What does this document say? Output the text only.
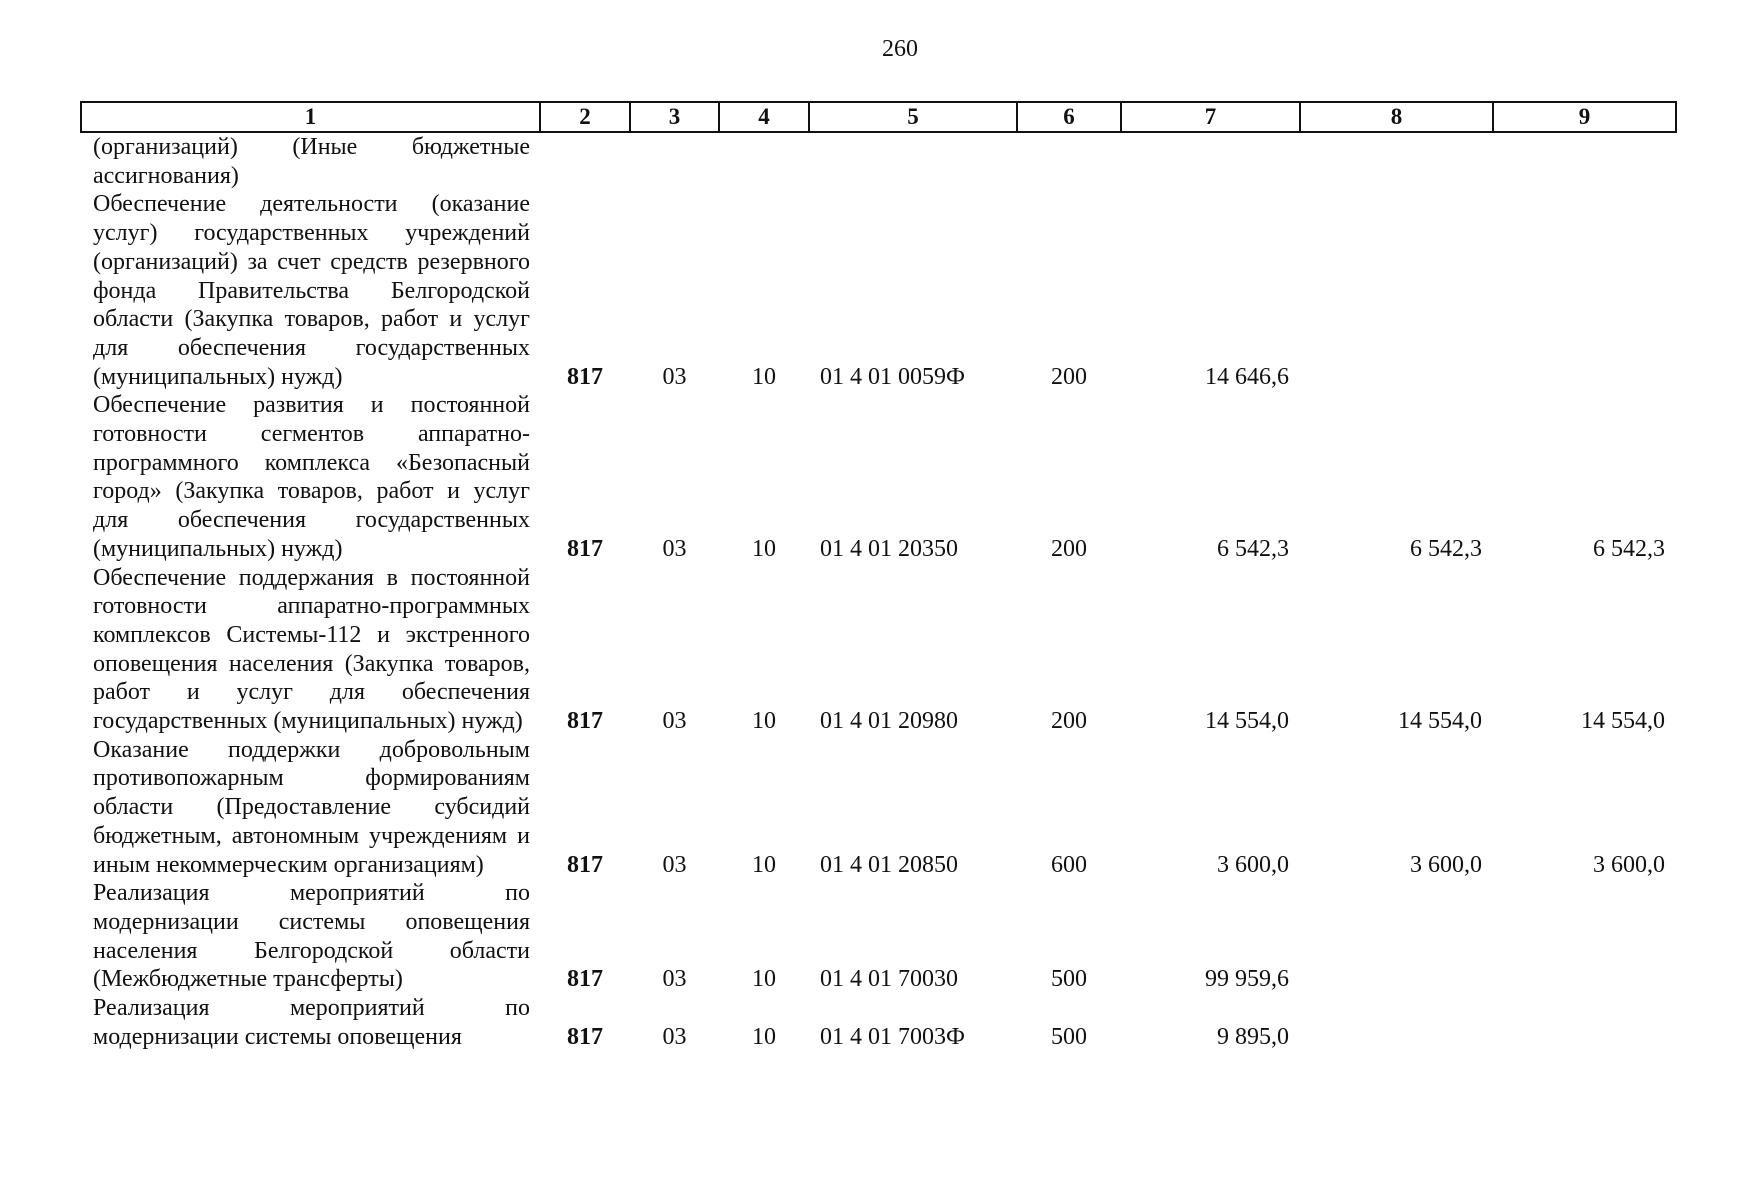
260
1	2	3	4	5	6	7	8	9
(организаций) (Иные бюджетные ассигнования)								
Обеспечение деятельности (оказание услуг) государственных учреждений (организаций) за счет средств резервного фонда Правительства Белгородской области (Закупка товаров, работ и услуг для обеспечения государственных (муниципальных) нужд)	817	03	10	01 4 01 0059Ф	200	14 646,6		
Обеспечение развития и постоянной готовности сегментов аппаратно-программного комплекса «Безопасный город» (Закупка товаров, работ и услуг для обеспечения государственных (муниципальных) нужд)	817	03	10	01 4 01 20350	200	6 542,3	6 542,3	6 542,3
Обеспечение поддержания в постоянной готовности аппаратно-программных комплексов Системы-112 и экстренного оповещения населения (Закупка товаров, работ и услуг для обеспечения государственных (муниципальных) нужд)	817	03	10	01 4 01 20980	200	14 554,0	14 554,0	14 554,0
Оказание поддержки добровольным противопожарным формированиям области (Предоставление субсидий бюджетным, автономным учреждениям и иным некоммерческим организациям)	817	03	10	01 4 01 20850	600	3 600,0	3 600,0	3 600,0
Реализация мероприятий по модернизации системы оповещения населения Белгородской области (Межбюджетные трансферты)	817	03	10	01 4 01 70030	500	99 959,6		
Реализация мероприятий по модернизации системы оповещения	817	03	10	01 4 01 7003Ф	500	9 895,0		
